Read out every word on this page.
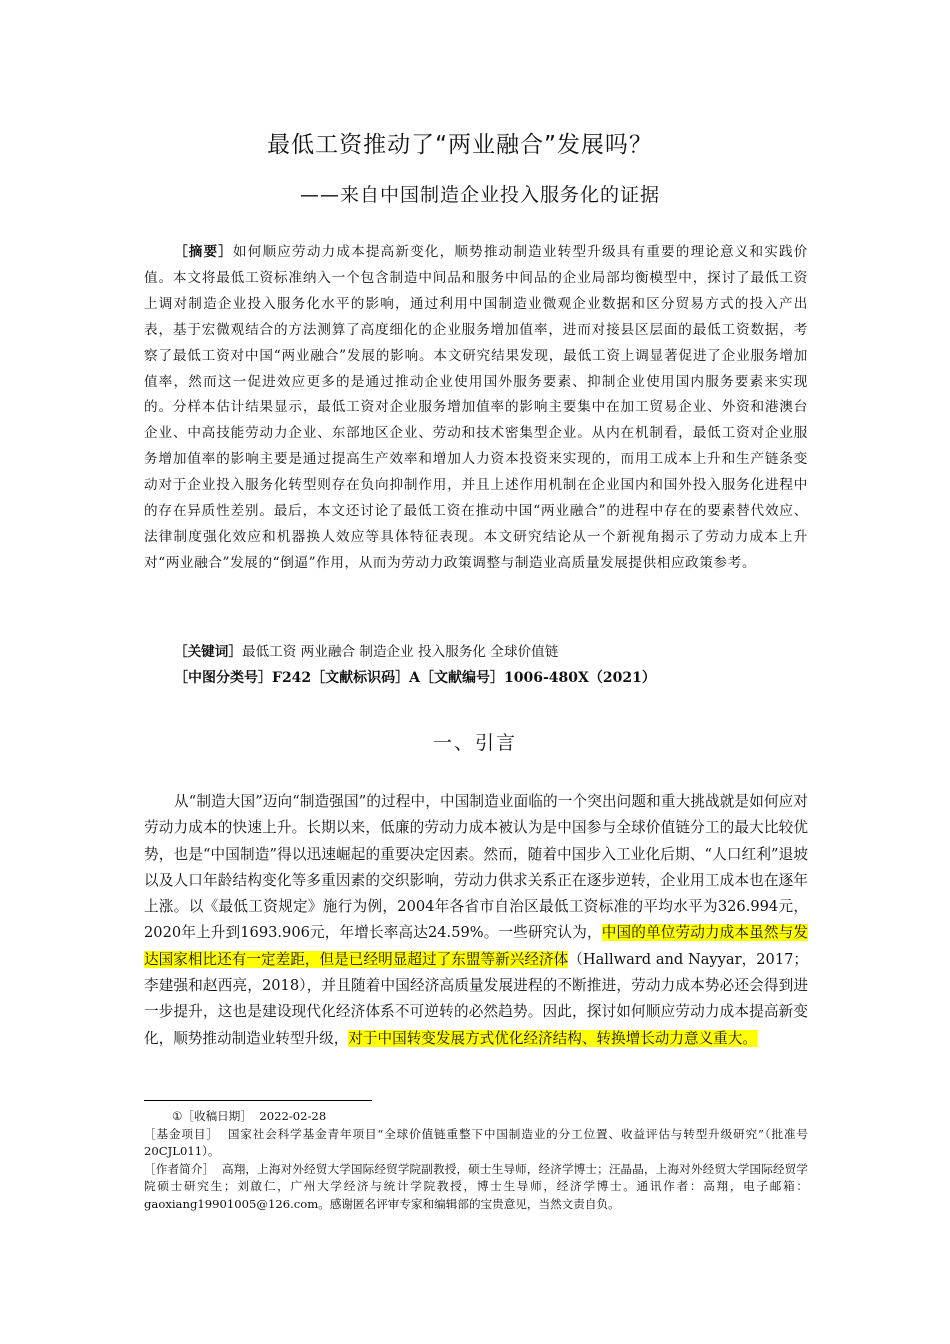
最低工资推动了“两业融合”发展吗？
——来自中国制造企业投入服务化的证据
［摘要］如何顺应劳动力成本提高新变化，顺势推动制造业转型升级具有重要的理论意义和实践价值。本文将最低工资标准纳入一个包含制造中间品和服务中间品的企业局部均衡模型中，探讨了最低工资上调对制造企业投入服务化水平的影响，通过利用中国制造业微观企业数据和区分贸易方式的投入产出表，基于宏微观结合的方法测算了高度细化的企业服务增加值率，进而对接县区层面的最低工资数据，考察了最低工资对中国“两业融合”发展的影响。本文研究结果发现，最低工资上调显著促进了企业服务增加值率，然而这一促进效应更多的是通过推动企业使用国外服务要素、抑制企业使用国内服务要素来实现的。分样本估计结果显示，最低工资对企业服务增加值率的影响主要集中在加工贸易企业、外资和港澳台企业、中高技能劳动力企业、东部地区企业、劳动和技术密集型企业。从内在机制看，最低工资对企业服务增加值率的影响主要是通过提高生产效率和增加人力资本投资来实现的，而用工成本上升和生产链条变动对于企业投入服务化转型则存在负向抑制作用，并且上述作用机制在企业国内和国外投入服务化进程中的存在异质性差别。最后，本文还讨论了最低工资在推动中国“两业融合”的进程中存在的要素替代效应、法律制度强化效应和机器换人效应等具体特征表现。本文研究结论从一个新视角揭示了劳动力成本上升对“两业融合”发展的“倒逼”作用，从而为劳动力政策调整与制造业高质量发展提供相应政策参考。
［关键词］最低工资 两业融合 制造企业 投入服务化 全球价值链
［中图分类号］F242［文献标识码］A［文献编号］1006-480X（2021）
一、引言
从“制造大国”迈向“制造强国”的过程中，中国制造业面临的一个突出问题和重大挑战就是如何应对劳动力成本的快速上升。长期以来，低廉的劳动力成本被认为是中国参与全球价值链分工的最大比较优势，也是“中国制造”得以迅速崛起的重要决定因素。然而，随着中国步入工业化后期、“人口红利”退坡以及人口年龄结构变化等多重因素的交织影响，劳动力供求关系正在逐步逆转，企业用工成本也在逐年上涨。以《最低工资规定》施行为例，2004年各省市自治区最低工资标准的平均水平为326.994元，2020年上升到1693.906元，年增长率高达24.59%。一些研究认为，中国的单位劳动力成本虽然与发达国家相比还有一定差距，但是已经明显超过了东盟等新兴经济体（Hallward and Nayyar，2017；李建强和赵西亮，2018），并且随着中国经济高质量发展进程的不断推进，劳动力成本势必还会得到进一步提升，这也是建设现代化经济体系不可逆转的必然趋势。因此，探讨如何顺应劳动力成本提高新变化，顺势推动制造业转型升级，对于中国转变发展方式优化经济结构、转换增长动力意义重大。

①［收稿日期］ 2022-02-28

［基金项目］ 国家社会科学基金青年项目“全球价值链重整下中国制造业的分工位置、收益评估与转型升级研究”（批准号 20CJL011）。

［作者简介］ 高翔，上海对外经贸大学国际经贸学院副教授，硕士生导师，经济学博士；汪晶晶，上海对外经贸大学国际经贸学院硕士研究生；刘啟仁，广州大学经济与统计学院教授，博士生导师，经济学博士。通讯作者：高翔，电子邮箱：gaoxiang19901005@126.com。感谢匿名评审专家和编辑部的宝贵意见，当然文责自负。
